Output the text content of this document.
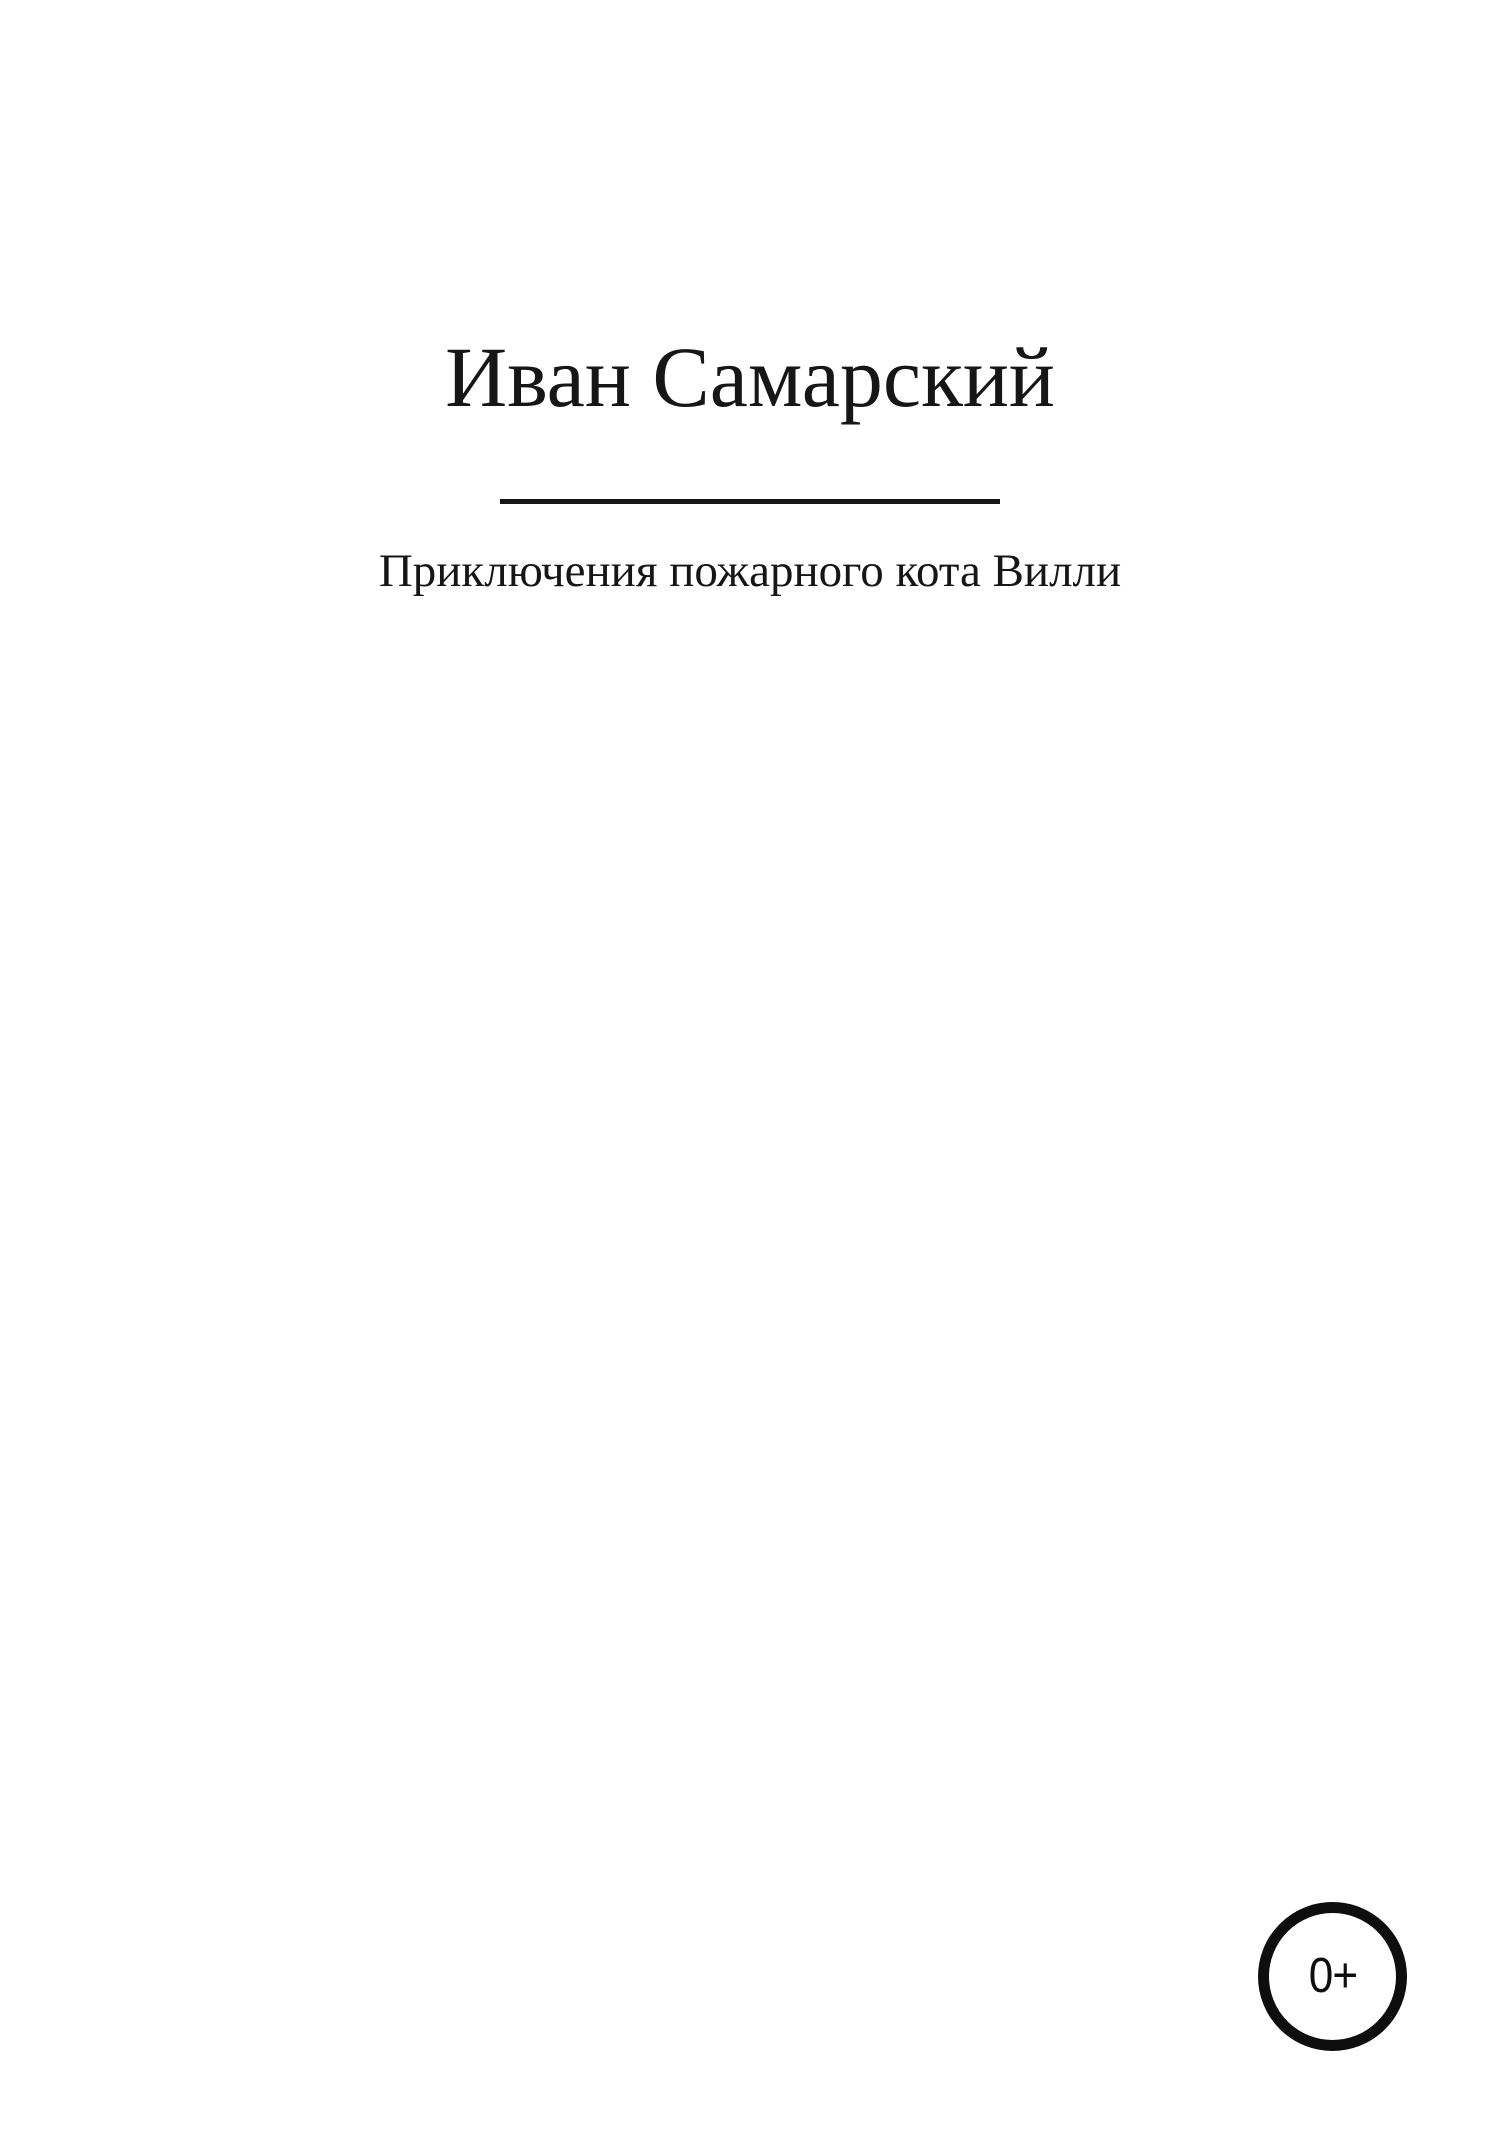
Иван Самарский
Приключения пожарного кота Вилли
0+
